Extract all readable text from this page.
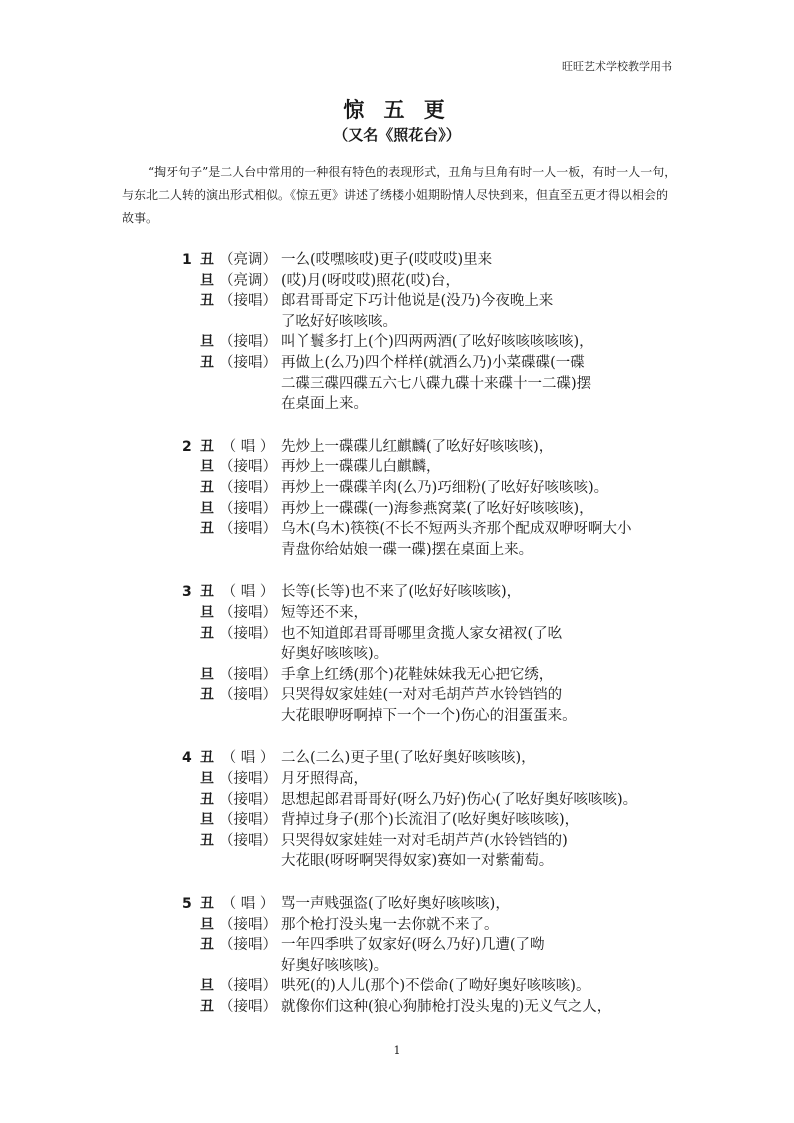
旺旺艺术学校教学用书
惊 五 更
（又名《照花台》）
“掏牙句子”是二人台中常用的一种很有特色的表现形式，丑角与旦角有时一人一板，有时一人一句，与东北二人转的演出形式相似。《惊五更》讲述了绣楼小姐期盼情人尽快到来，但直至五更才得以相会的故事。
1 丑 （亮调） 一么(哎嘿咳哎)更子(哎哎哎)里来
旦 （亮调） (哎)月(呀哎哎)照花(哎)台，
丑 （接唱） 郎君哥哥定下巧计他说是(没乃)今夜晚上来
了吆好好咳咳咳。
旦 （接唱） 叫丫鬟多打上(个)四两两酒(了吆好咳咳咳咳咳)，
丑 （接唱） 再做上(么乃)四个样样(就酒么乃)小菜碟碟(一碟
二碟三碟四碟五六七八碟九碟十来碟十一二碟)摆
在桌面上来。
2 丑 （ 唱 ） 先炒上一碟碟儿红麒麟(了吆好好咳咳咳)，
旦 （接唱） 再炒上一碟碟儿白麒麟，
丑 （接唱） 再炒上一碟碟羊肉(么乃)巧细粉(了吆好好咳咳咳)。
旦 （接唱） 再炒上一碟碟(一)海参燕窝菜(了吆好好咳咳咳)，
丑 （接唱） 乌木(乌木)筷筷(不长不短两头齐那个配成双咿呀啊大小
青盘你给姑娘一碟一碟)摆在桌面上来。
3 丑 （ 唱 ） 长等(长等)也不来了(吆好好咳咳咳)，
旦 （接唱） 短等还不来，
丑 （接唱） 也不知道郎君哥哥哪里贪揽人家女裙衩(了吆
好奥好咳咳咳)。
旦 （接唱） 手拿上红绣(那个)花鞋妹妹我无心把它绣，
丑 （接唱） 只哭得奴家娃娃(一对对毛胡芦芦水铃铛铛的
大花眼咿呀啊掉下一个一个)伤心的泪蛋蛋来。
4 丑 （ 唱 ） 二么(二么)更子里(了吆好奥好咳咳咳)，
旦 （接唱） 月牙照得高，
丑 （接唱） 思想起郎君哥哥好(呀么乃好)伤心(了吆好奥好咳咳咳)。
旦 （接唱） 背掉过身子(那个)长流泪了(吆好奥好咳咳咳)，
丑 （接唱） 只哭得奴家娃娃一对对毛胡芦芦(水铃铛铛的)
大花眼(呀呀啊哭得奴家)赛如一对紫葡萄。
5 丑 （ 唱 ） 骂一声贱强盗(了吆好奥好咳咳咳)，
旦 （接唱） 那个枪打没头鬼一去你就不来了。
丑 （接唱） 一年四季哄了奴家好(呀么乃好)几遭(了呦
好奥好咳咳咳)。
旦 （接唱） 哄死(的)人儿(那个)不偿命(了呦好奥好咳咳咳)。
丑 （接唱） 就像你们这种(狼心狗肺枪打没头鬼的)无义气之人，
1
